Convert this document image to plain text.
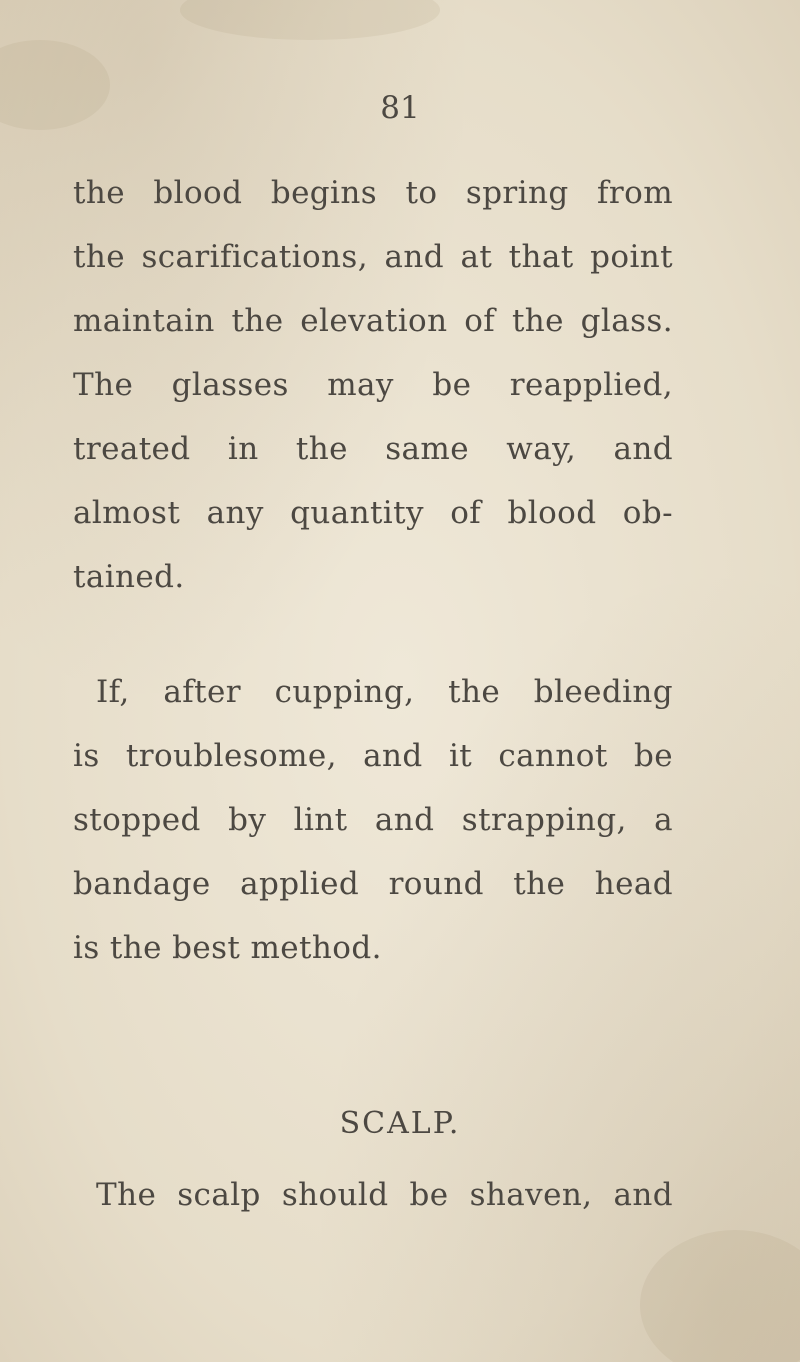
81
the blood begins to spring from
the scarifications, and at that point
maintain the elevation of the glass.
The glasses may be reapplied,
treated in the same way, and
almost any quantity of blood ob-
tained.
If, after cupping, the bleeding
is troublesome, and it cannot be
stopped by lint and strapping, a
bandage applied round the head
is the best method.
SCALP.
The scalp should be shaven, and
